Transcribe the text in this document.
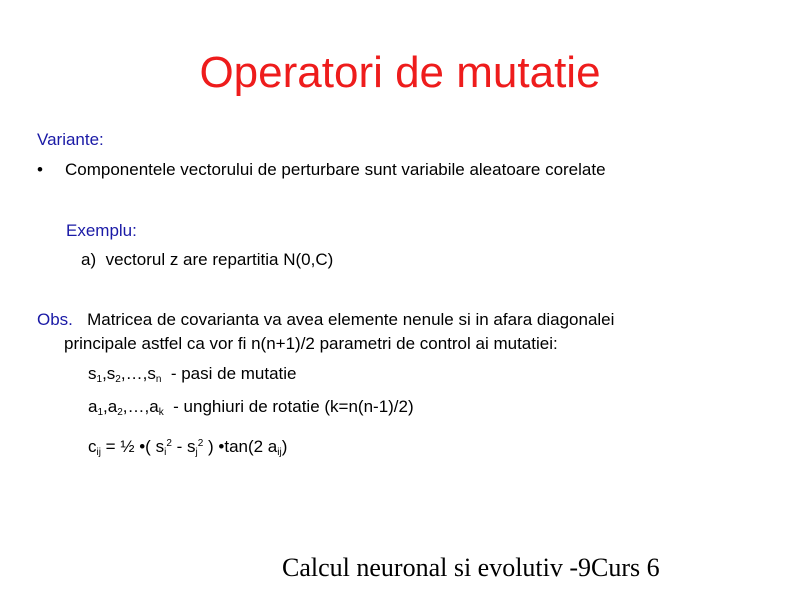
Operatori de mutatie
Variante:
• Componentele vectorului de perturbare sunt variabile aleatoare corelate
Exemplu:
a) vectorul z are repartitia N(0,C)
Obs. Matricea de covarianta va avea elemente nenule si in afara diagonalei
principale astfel ca vor fi n(n+1)/2 parametri de control ai mutatiei:
$s_1,s_2,\dots,s_n$ - pasi de mutatie
$a_1,a_2,\dots,a_k$ - unghiuri de rotatie (k=n(n-1)/2)
$c_{ij}$ = ½ •( $s_i^2 - s_j^2$ ) •tan(2 $a_{ij}$)
Calcul neuronal si evolutiv -9Curs 6
